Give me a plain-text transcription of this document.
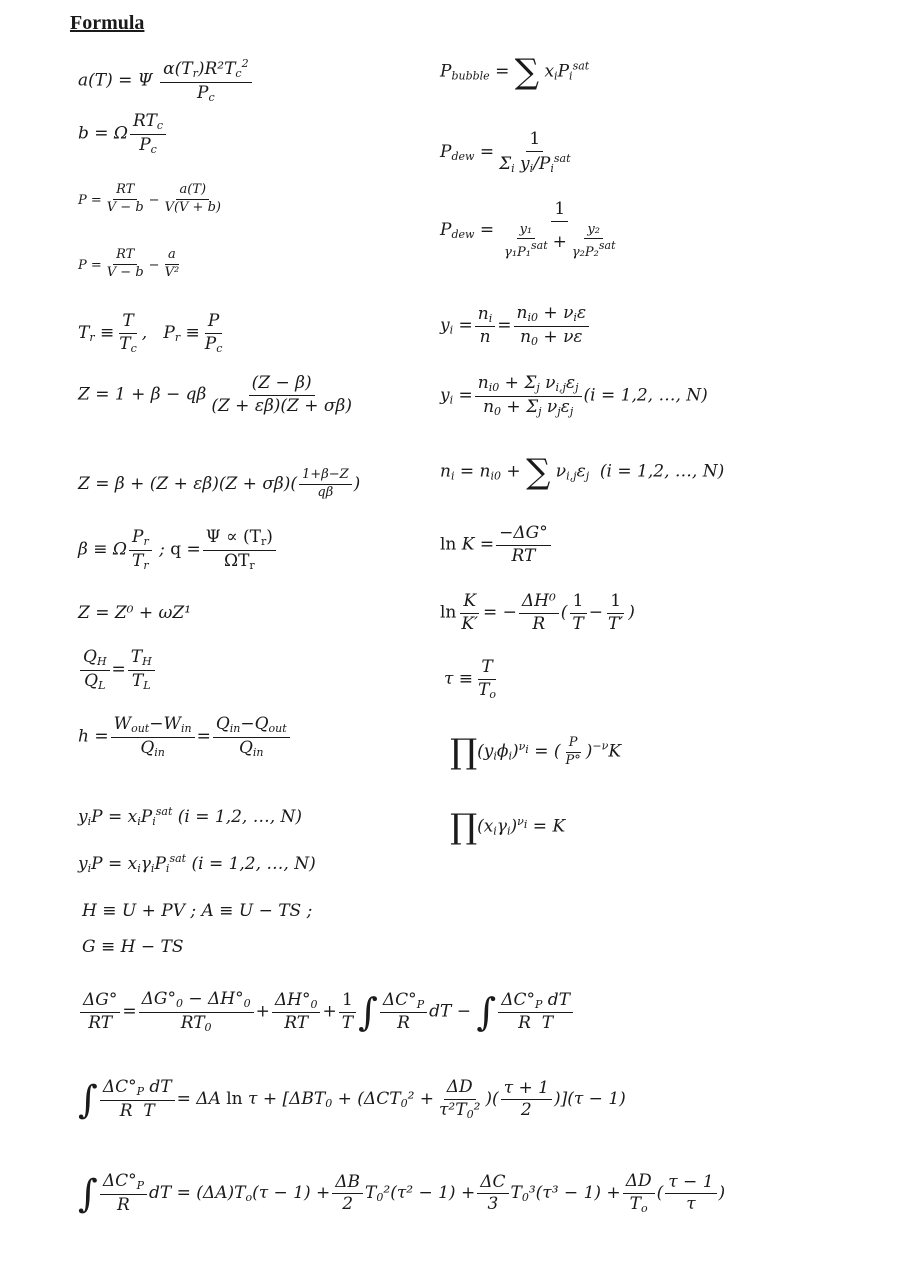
Formula
a(T) = Ψ $\frac{\alpha(T_r)R^2T_c^2}{P_c}$
b = Ω $\frac{RT_c}{P_c}$
$P = \frac{RT}{V - b} - \frac{a(T)}{V(V + b)}$
$P = \frac{RT}{V - b} - \frac{a}{\text{V²}}$
$T_r \equiv \frac{T}{T_c}$ ,   $P_r \equiv \frac{P}{P_c}$
Z = 1 + β − qβ $\frac{(Z - \beta)}{(Z + \varepsilon\beta)(Z + \sigma\beta)}$
$Z = \beta + (Z + \varepsilon\beta)(Z + \sigma\beta)( \frac{1+\beta-Z}{q\beta}$ )
β ≡ Ω $\frac{P_r}{T_r}$ ; $q = \frac{\Psi \propto (T_r)}{\Omega T_r}$
Z = Z⁰ + ωZ¹
$\frac{Q_H}{Q_L} = \frac{T_H}{T_L}$
$h = \frac{W_{out}-W_{in}}{Q_{in}} = \frac{Q_{in}-Q_{out}}{Q_{in}}$
$y_iP = x_iP_i^{sat}$ (i = 1,2, …, N)
$y_iP = x_i\gamma_iP_i^{sat}$ (i = 1,2, …, N)
H ≡ U + PV ; A ≡ U − TS ;
G ≡ H − TS
$P_{bubble}$ = ∑ $x_iP_i^{sat}$
$P_{dew} = \frac{1}{\Sigma_i y_i/P_i^{sat}}$
$P_{dew} = \frac{1}{\frac{\text{y₁}}{\gamma_1P_1^{sat}} + \frac{\text{y₂}}{\gamma_2P_2^{sat}}}$
$y_i = \frac{n_i}{n} = \frac{n_{i0} + \nu_i\varepsilon}{n_0 + \nu\varepsilon}$
$y_i = \frac{n_{i0} + \Sigma_j \nu_{i,j}\varepsilon_j}{n_0 + \Sigma_j \nu_j\varepsilon_j} (i = 1,2$, …, N)
$n_i = n_{i0}$ + ∑ $\nu_{i,j}\varepsilon_j$  (i = 1,2, …, N)
$\ln K = \frac{-\Delta G^\circ}{RT}$
$\ln \frac{K}{K'}$ = − $\frac{\text{ΔH⁰}}{R}$ ( $\frac{1}{T} - \frac{1}{T'}$ )
$\tau \equiv \frac{T}{T_o}$
$\prod(y_i\phi_i)^{\nu i}$ = ( $\frac{P}{P^\circ} )^{-\nu}K$
$\prod(x_i\gamma_i)^{\nu i} = K$
$\frac{\Delta G^\circ}{RT} = \frac{\Delta G^\circ_0 - \Delta H^\circ_0}{RT_0} + \frac{\Delta H^\circ_0}{RT} + \frac{1}{T}$ ∫ $\frac{\Delta C^\circ_P}{R}$ dT − ∫ $\frac{\Delta C^\circ_P dT}{\text{R  T}}$
∫ $\frac{\Delta C^\circ_P dT}{\text{R  T}} = \Delta A$ $\ln \tau + [\Delta BT_0 + (\Delta CT_0^2 + \frac{\Delta D}{\tau^2T_0^2}$ )( $\frac{\tau + 1}{2} )](\tau - 1)$
∫ $\frac{\Delta C^\circ_P}{R}$ dT = $(\Delta A)T_o(\tau - 1) + \frac{\Delta B}{2} T_0^2(\tau^2 - 1) + \frac{\Delta C}{3} T_0^3(\tau^3 - 1) + \frac{\Delta D}{T_o}$ ( $\frac{\tau - 1}{\tau}$ )
